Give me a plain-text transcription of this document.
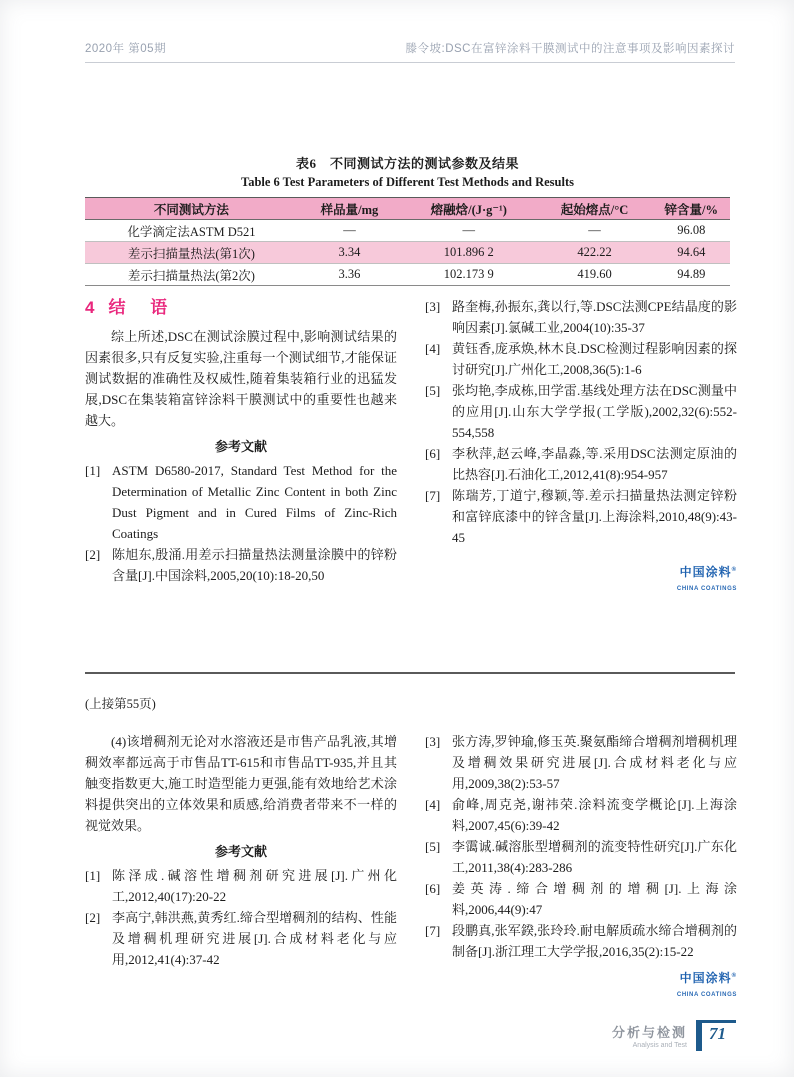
2020年 第05期	滕令坡:DSC在富锌涂料干膜测试中的注意事项及影响因素探讨
表6　不同测试方法的测试参数及结果
Table 6 Test Parameters of Different Test Methods and Results
不同测试方法	样品量/mg	熔融焓/(J·g⁻¹)	起始熔点/°C	锌含量/%
化学滴定法ASTM D521	—	—	—	96.08
差示扫描量热法(第1次)	3.34	101.896 2	422.22	94.64
差示扫描量热法(第2次)	3.36	102.173 9	419.60	94.89
4 结 语
综上所述,DSC在测试涂膜过程中,影响测试结果的因素很多,只有反复实验,注重每一个测试细节,才能保证测试数据的准确性及权威性,随着集装箱行业的迅猛发展,DSC在集装箱富锌涂料干膜测试中的重要性也越来越大。
参考文献
[1] ASTM D6580-2017, Standard Test Method for the Determination of Metallic Zinc Content in both Zinc Dust Pigment and in Cured Films of Zinc-Rich Coatings
[2] 陈旭东,殷涌.用差示扫描量热法测量涂膜中的锌粉含量[J].中国涂料,2005,20(10):18-20,50
[3] 路奎梅,孙振东,龚以行,等.DSC法测CPE结晶度的影响因素[J].氯碱工业,2004(10):35-37
[4] 黄钰香,庞承焕,林木良.DSC检测过程影响因素的探讨研究[J].广州化工,2008,36(5):1-6
[5] 张均艳,李成栋,田学雷.基线处理方法在DSC测量中的应用[J].山东大学学报(工学版),2002,32(6):552-554,558
[6] 李秋萍,赵云峰,李晶淼,等.采用DSC法测定原油的比热容[J].石油化工,2012,41(8):954-957
[7] 陈瑞芳,丁道宁,穆颖,等.差示扫描量热法测定锌粉和富锌底漆中的锌含量[J].上海涂料,2010,48(9):43-45
中国涂料®
CHINA COATINGS
(上接第55页)
(4)该增稠剂无论对水溶液还是市售产品乳液,其增稠效率都远高于市售品TT-615和市售品TT-935,并且其触变指数更大,施工时造型能力更强,能有效地给艺术涂料提供突出的立体效果和质感,给消费者带来不一样的视觉效果。
参考文献
[1] 陈泽成.碱溶性增稠剂研究进展[J].广州化工,2012,40(17):20-22
[2] 李高宁,韩洪燕,黄秀红.缔合型增稠剂的结构、性能及增稠机理研究进展[J].合成材料老化与应用,2012,41(4):37-42
[3] 张方涛,罗钟瑜,修玉英.聚氨酯缔合增稠剂增稠机理及增稠效果研究进展[J].合成材料老化与应用,2009,38(2):53-57
[4] 俞峰,周克尧,谢祎荣.涂料流变学概论[J].上海涂料,2007,45(6):39-42
[5] 李霭诚.碱溶胀型增稠剂的流变特性研究[J].广东化工,2011,38(4):283-286
[6] 姜英涛.缔合增稠剂的增稠[J].上海涂料,2006,44(9):47
[7] 段鹏真,张军鍨,张玲玲.耐电解质疏水缔合增稠剂的制备[J].浙江理工大学学报,2016,35(2):15-22
中国涂料®
CHINA COATINGS
分析与检测
Analysis and Test
71
